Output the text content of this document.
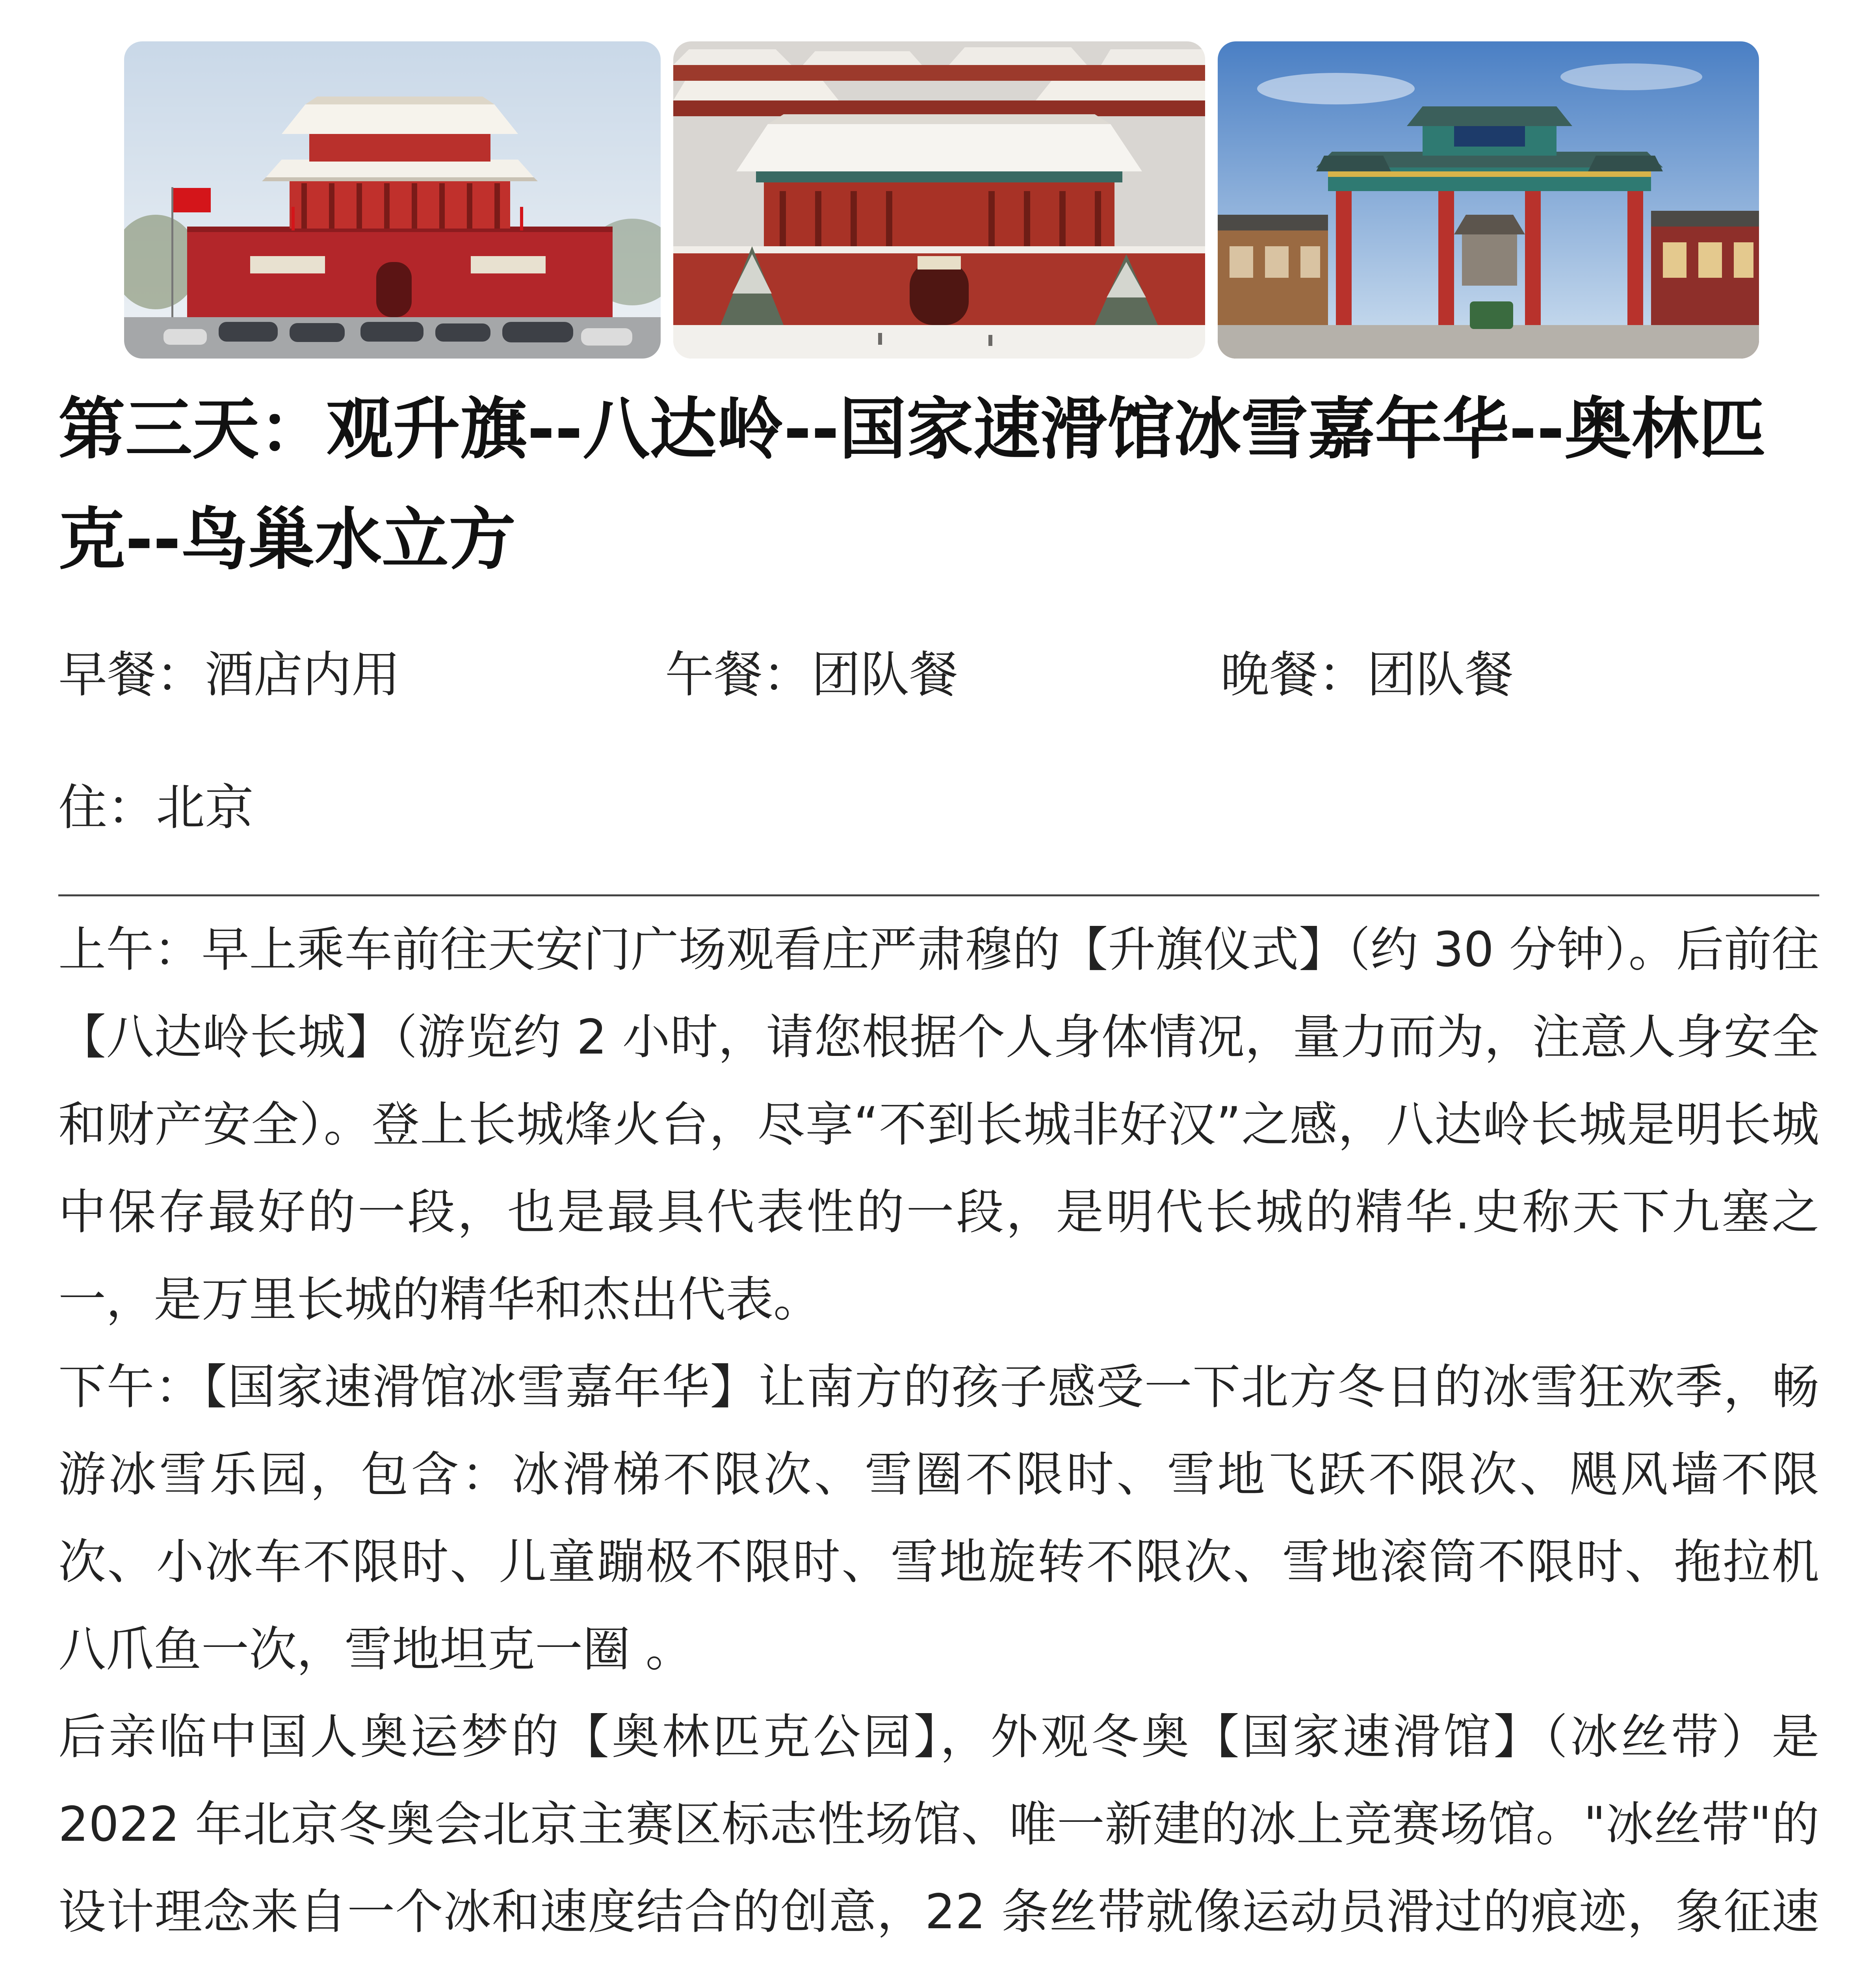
第三天：观升旗--八达岭--国家速滑馆冰雪嘉年华--奥林匹克--鸟巢水立方
早餐：酒店内用	午餐：团队餐	晚餐：团队餐
住：北京

上午：早上乘车前往天安门广场观看庄严肃穆的【升旗仪式】（约 30 分钟）。后前往【八达岭长城】（游览约 2 小时，请您根据个人身体情况，量力而为，注意人身安全和财产安全）。登上长城烽火台，尽享“不到长城非好汉”之感，八达岭长城是明长城中保存最好的一段，也是最具代表性的一段，是明代长城的精华.史称天下九塞之一，是万里长城的精华和杰出代表。

下午：【国家速滑馆冰雪嘉年华】让南方的孩子感受一下北方冬日的冰雪狂欢季，畅游冰雪乐园，包含：冰滑梯不限次、雪圈不限时、雪地飞跃不限次、飓风墙不限次、小冰车不限时、儿童蹦极不限时、雪地旋转不限次、雪地滚筒不限时、拖拉机八爪鱼一次，雪地坦克一圈 。

后亲临中国人奥运梦的【奥林匹克公园】，外观冬奥【国家速滑馆】（冰丝带）是 2022 年北京冬奥会北京主赛区标志性场馆、唯一新建的冰上竞赛场馆。"冰丝带"的设计理念来自一个冰和速度结合的创意，22 条丝带就像运动员滑过的痕迹，象征速
